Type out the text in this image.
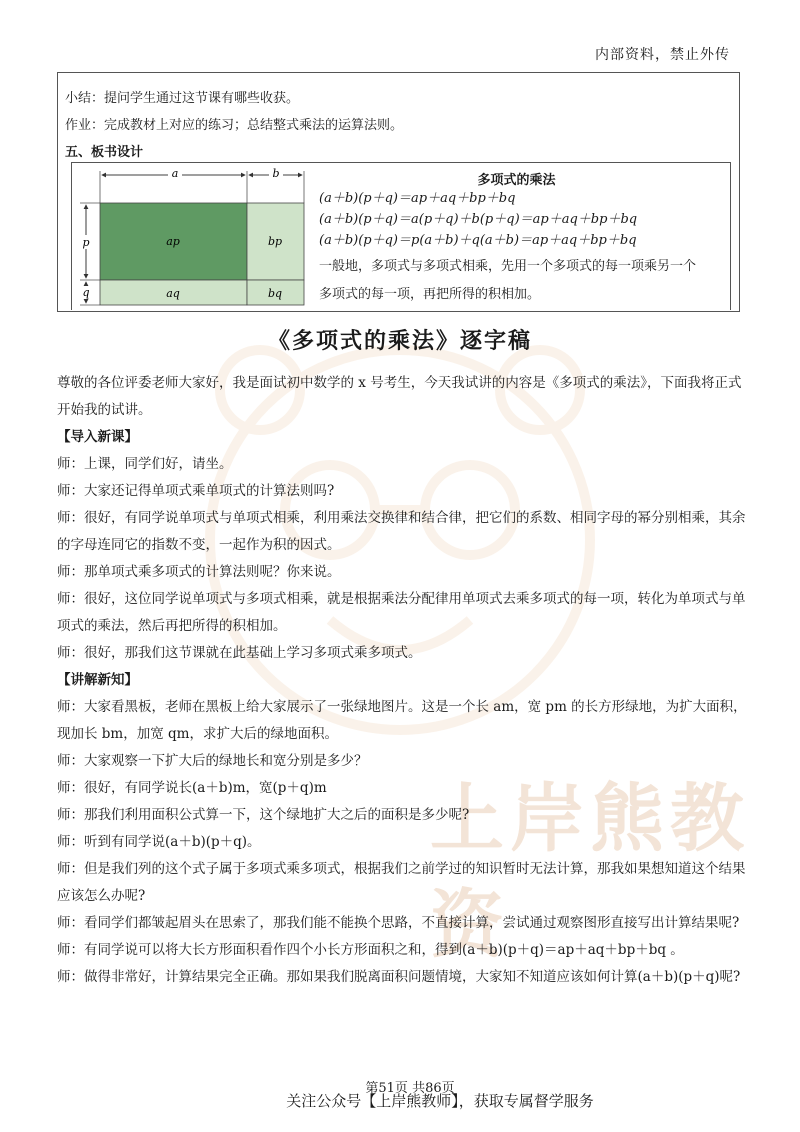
上岸熊教资
内部资料，禁止外传
小结：提问学生通过这节课有哪些收获。
作业：完成教材上对应的练习；总结整式乘法的运算法则。
五、板书设计
a	b
p
q
ap	bp
aq	bq
多项式的乘法
(a＋b)(p＋q)＝ap＋aq＋bp＋bq
(a＋b)(p＋q)＝a(p＋q)＋b(p＋q)＝ap＋aq＋bp＋bq
(a＋b)(p＋q)＝p(a＋b)＋q(a＋b)＝ap＋aq＋bp＋bq
一般地，多项式与多项式相乘，先用一个多项式的每一项乘另一个
多项式的每一项，再把所得的积相加。
《多项式的乘法》逐字稿

尊敬的各位评委老师大家好，我是面试初中数学的 x 号考生，今天我试讲的内容是《多项式的乘法》，下面我将正式开始我的试讲。

【导入新课】

师：上课，同学们好，请坐。

师：大家还记得单项式乘单项式的计算法则吗?

师：很好，有同学说单项式与单项式相乘，利用乘法交换律和结合律，把它们的系数、相同字母的幂分别相乘，其余的字母连同它的指数不变，一起作为积的因式。

师：那单项式乘多项式的计算法则呢？你来说。

师：很好，这位同学说单项式与多项式相乘，就是根据乘法分配律用单项式去乘多项式的每一项，转化为单项式与单项式的乘法，然后再把所得的积相加。

师：很好，那我们这节课就在此基础上学习多项式乘多项式。

【讲解新知】

师：大家看黑板，老师在黑板上给大家展示了一张绿地图片。这是一个长 am，宽 pm 的长方形绿地，为扩大面积，现加长 bm，加宽 qm，求扩大后的绿地面积。

师：大家观察一下扩大后的绿地长和宽分别是多少？

师：很好，有同学说长(a＋b)m，宽(p＋q)m

师：那我们利用面积公式算一下，这个绿地扩大之后的面积是多少呢?

师：听到有同学说(a＋b)(p＋q)。

师：但是我们列的这个式子属于多项式乘多项式，根据我们之前学过的知识暂时无法计算，那我如果想知道这个结果应该怎么办呢?

师：看同学们都皱起眉头在思索了，那我们能不能换个思路，不直接计算，尝试通过观察图形直接写出计算结果呢?

师：有同学说可以将大长方形面积看作四个小长方形面积之和，得到(a＋b)(p＋q)＝ap＋aq＋bp＋bq 。

师：做得非常好，计算结果完全正确。那如果我们脱离面积问题情境，大家知不知道应该如何计算(a＋b)(p＋q)呢?

第51页 共86页
关注公众号【上岸熊教师】，获取专属督学服务
